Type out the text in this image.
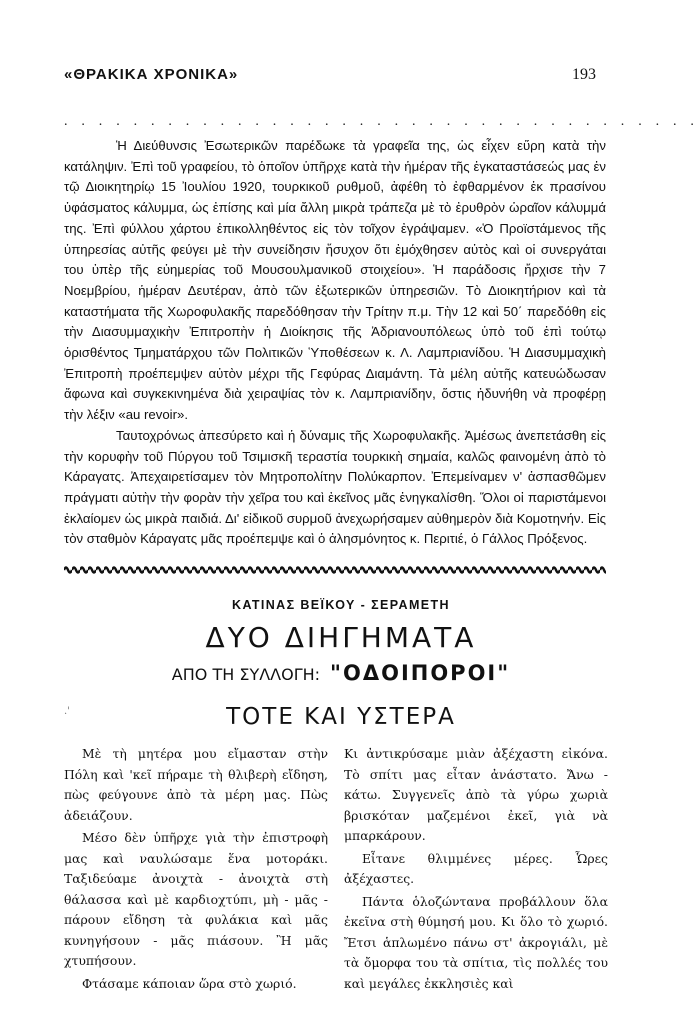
«ΘΡΑΚΙΚΑ ΧΡΟΝΙΚΑ»	193
. . . . . . . . . . . . . . . . . . . . . . . . . . . . . . . . . . . . .

Ἡ Διεύθυνσις Ἐσωτερικῶν παρέδωκε τὰ γραφεῖα της, ὡς εἶχεν εὕρη κατὰ τὴν κατάληψιν. Ἐπὶ τοῦ γραφείου, τὸ ὁποῖον ὑπῆρχε κατὰ τὴν ἡμέραν τῆς ἐγκαταστάσεώς μας ἐν τῷ Διοικητηρίῳ 15 Ἰουλίου 1920, τουρκικοῦ ρυθμοῦ, ἀφέθη τὸ ἐφθαρμένον ἐκ πρασίνου ὑφάσματος κάλυμμα, ὡς ἐπίσης καὶ μία ἄλλη μικρὰ τράπεζα μὲ τὸ ἐρυθρὸν ὡραῖον κάλυμμά της. Ἐπὶ φύλλου χάρτου ἐπικολληθέντος εἰς τὸν τοῖχον ἐγράψαμεν. «Ὁ Προϊστάμενος τῆς ὑπηρεσίας αὐτῆς φεύγει μὲ τὴν συνείδησιν ἥσυχον ὅτι ἐμόχθησεν αὐτὸς καὶ οἱ συνεργάται του ὑπὲρ τῆς εὐημερίας τοῦ Μουσουλμανικοῦ στοιχείου». Ἡ παράδοσις ἤρχισε τὴν 7 Νοεμβρίου, ἡμέραν Δευτέραν, ἀπὸ τῶν ἐξωτερικῶν ὑπηρεσιῶν. Τὸ Διοικητήριον καὶ τὰ καταστήματα τῆς Χωροφυλακῆς παρεδόθησαν τὴν Τρίτην π.μ. Τὴν 12 καὶ 50΄ παρεδόθη εἰς τὴν Διασυμμαχικὴν Ἐπιτροπὴν ἡ Διοίκησις τῆς Ἀδριανουπόλεως ὑπὸ τοῦ ἐπὶ τούτῳ ὁρισθέντος Τμηματάρχου τῶν Πολιτικῶν Ὑποθέσεων κ. Λ. Λαμπριανίδου. Ἡ Διασυμμαχικὴ Ἐπιτροπὴ προέπεμψεν αὐτὸν μέχρι τῆς Γεφύρας Διαμάντη. Τὰ μέλη αὐτῆς κατευώδωσαν ἄφωνα καὶ συγκεκινημένα διὰ χειραψίας τὸν κ. Λαμπριανίδην, ὅστις ἠδυνήθη νὰ προφέρῃ τὴν λέξιν «au revoir».

Ταυτοχρόνως ἀπεσύρετο καὶ ἡ δύναμις τῆς Χωροφυλακῆς. Ἀμέσως ἀνεπετάσθη εἰς τὴν κορυφὴν τοῦ Πύργου τοῦ Τσιμισκῆ τεραστία τουρκικὴ σημαία, καλῶς φαινομένη ἀπὸ τὸ Κάραγατς. Ἀπεχαιρετίσαμεν τὸν Μητροπολίτην Πολύκαρπον. Ἐπεμείναμεν ν' ἀσπασθῶμεν πράγματι αὐτὴν τὴν φορὰν τὴν χεῖρα του καὶ ἐκεῖνος μᾶς ἐνηγκαλίσθη. Ὅλοι οἱ παριστάμενοι ἐκλαίομεν ὡς μικρὰ παιδιά. Δι' εἰδικοῦ συρμοῦ ἀνεχωρήσαμεν αὐθημερὸν διὰ Κομοτηνήν. Εἰς τὸν σταθμὸν Κάραγατς μᾶς προέπεμψε καὶ ὁ ἀλησμόνητος κ. Περιτιέ, ὁ Γάλλος Πρόξενος.

ΚΑΤΙΝΑΣ ΒΕΪΚΟΥ - ΣΕΡΑΜΕΤΗ
ΔΥΟ ΔΙΗΓΗΜΑΤΑ
ΑΠΟ ΤΗ ΣΥΛΛΟΓΗ: "ΟΔΟΙΠΟΡΟΙ"
.'	ΤΟΤΕ ΚΑΙ ΥΣΤΕΡΑ

Μὲ τὴ μητέρα μου εἴμασταν στὴν Πόλη καὶ 'κεῖ πήραμε τὴ θλιβερὴ εἴδηση, πὼς φεύγουνε ἀπὸ τὰ μέρη μας. Πὼς ἀδειάζουν.

Μέσο δὲν ὑπῆρχε γιὰ τὴν ἐπιστροφὴ μας καὶ ναυλώσαμε ἕνα μοτοράκι. Ταξιδεύαμε ἀνοιχτὰ - ἀνοιχτὰ στὴ θάλασσα καὶ μὲ καρδιοχτύπι, μὴ - μᾶς - πάρουν εἴδηση τὰ φυλάκια καὶ μᾶς κυνηγήσουν - μᾶς πιάσουν. Ἢ μᾶς χτυπήσουν.

Φτάσαμε κάποιαν ὥρα στὸ χωριό.

Κι ἀντικρύσαμε μιὰν ἀξέχαστη εἰκόνα. Τὸ σπίτι μας εἶταν ἀνάστατο. Ἄνω - κάτω. Συγγενεῖς ἀπὸ τὰ γύρω χωριὰ βρισκόταν μαζεμένοι ἐκεῖ, γιὰ νὰ μπαρκάρουν.

Εἶτανε θλιμμένες μέρες. Ὧρες ἀξέχαστες.

Πάντα ὁλοζώντανα προβάλλουν ὅλα ἐκεῖνα στὴ θύμησή μου. Κι ὅλο τὸ χωριό. Ἔτσι ἁπλωμένο πάνω στ' ἀκρογιάλι, μὲ τὰ ὄμορφα του τὰ σπίτια, τὶς πολλές του καὶ μεγάλες ἐκκλησιὲς καὶ
